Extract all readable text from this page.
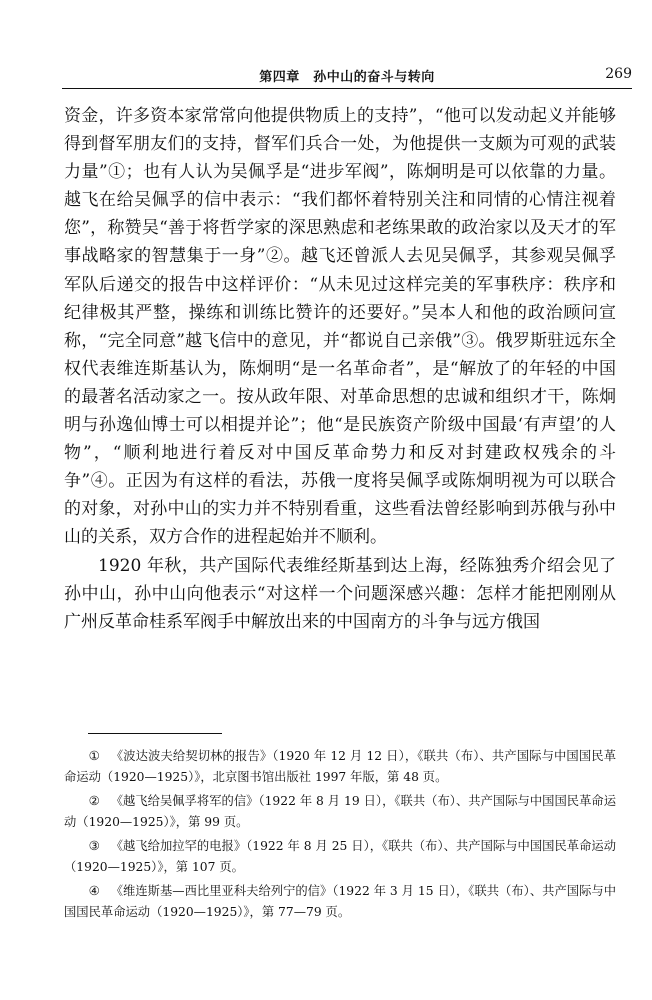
第四章　孙中山的奋斗与转向	269

资金，许多资本家常常向他提供物质上的支持”，“他可以发动起义并能够得到督军朋友们的支持，督军们兵合一处，为他提供一支颇为可观的武装力量”①；也有人认为吴佩孚是“进步军阀”，陈炯明是可以依靠的力量。越飞在给吴佩孚的信中表示：“我们都怀着特别关注和同情的心情注视着您”，称赞吴“善于将哲学家的深思熟虑和老练果敢的政治家以及天才的军事战略家的智慧集于一身”②。越飞还曾派人去见吴佩孚，其参观吴佩孚军队后递交的报告中这样评价：“从未见过这样完美的军事秩序：秩序和纪律极其严整，操练和训练比赞许的还要好。”吴本人和他的政治顾问宣称，“完全同意”越飞信中的意见，并“都说自己亲俄”③。俄罗斯驻远东全权代表维连斯基认为，陈炯明“是一名革命者”，是“解放了的年轻的中国的最著名活动家之一。按从政年限、对革命思想的忠诚和组织才干，陈炯明与孙逸仙博士可以相提并论”；他“是民族资产阶级中国最‘有声望’的人物”，“顺利地进行着反对中国反革命势力和反对封建政权残余的斗争”④。正因为有这样的看法，苏俄一度将吴佩孚或陈炯明视为可以联合的对象，对孙中山的实力并不特别看重，这些看法曾经影响到苏俄与孙中山的关系，双方合作的进程起始并不顺利。

1920 年秋，共产国际代表维经斯基到达上海，经陈独秀介绍会见了孙中山，孙中山向他表示“对这样一个问题深感兴趣：怎样才能把刚刚从广州反革命桂系军阀手中解放出来的中国南方的斗争与远方俄国

① 《波达波夫给契切林的报告》（1920 年 12 月 12 日），《联共（布）、共产国际与中国国民革命运动（1920—1925）》，北京图书馆出版社 1997 年版，第 48 页。

② 《越飞给吴佩孚将军的信》（1922 年 8 月 19 日），《联共（布）、共产国际与中国国民革命运动（1920—1925）》，第 99 页。

③ 《越飞给加拉罕的电报》（1922 年 8 月 25 日），《联共（布）、共产国际与中国国民革命运动（1920—1925）》，第 107 页。

④ 《维连斯基—西比里亚科夫给列宁的信》（1922 年 3 月 15 日），《联共（布）、共产国际与中国国民革命运动（1920—1925）》，第 77—79 页。
